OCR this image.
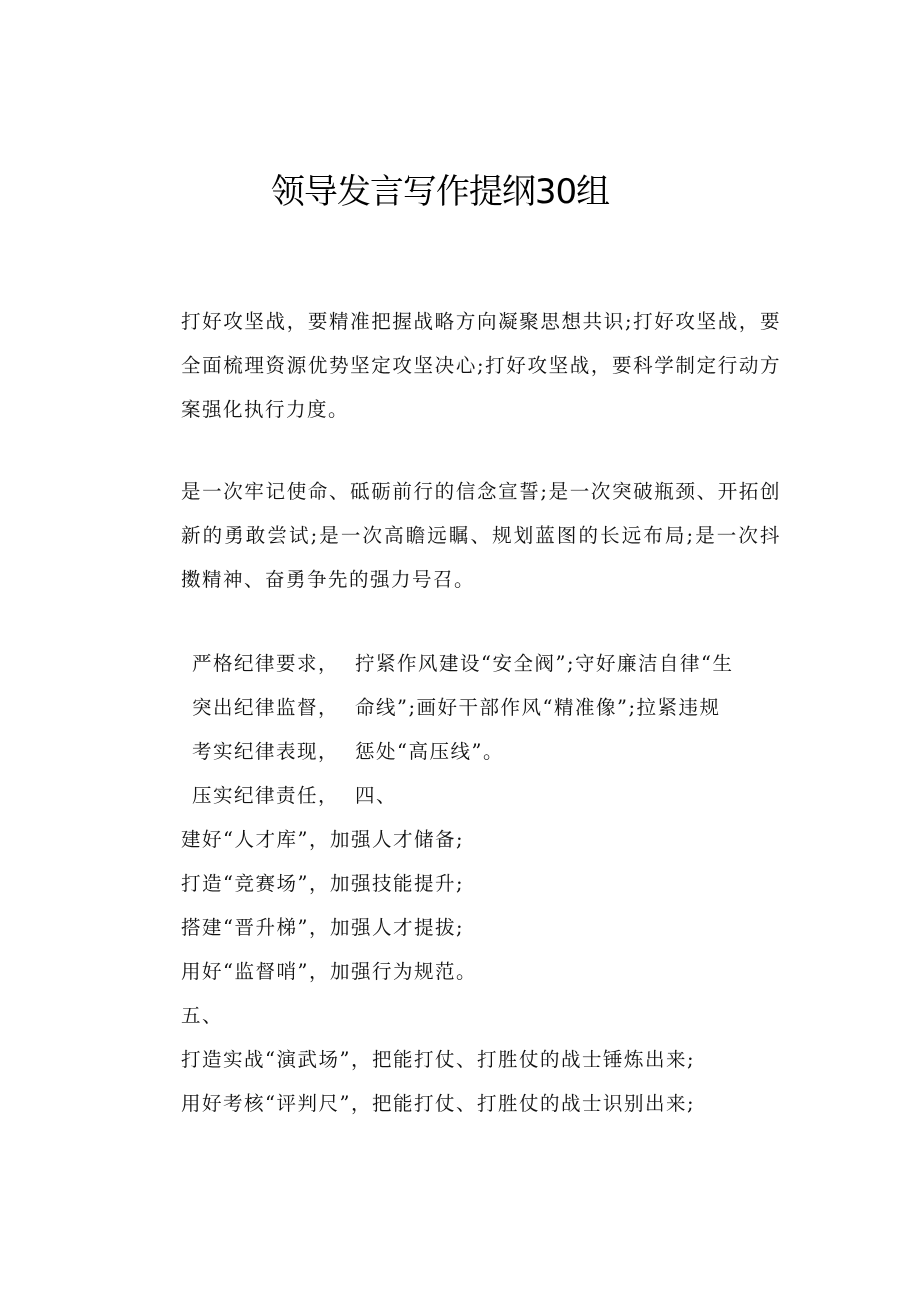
领导发言写作提纲30组

打好攻坚战，要精准把握战略方向凝聚思想共识;打好攻坚战，要全面梳理资源优势坚定攻坚决心;打好攻坚战，要科学制定行动方案强化执行力度。

是一次牢记使命、砥砺前行的信念宣誓;是一次突破瓶颈、开拓创新的勇敢尝试;是一次高瞻远瞩、规划蓝图的长远布局;是一次抖擞精神、奋勇争先的强力号召。

严格纪律要求，

突出纪律监督，

考实纪律表现，

压实纪律责任，

拧紧作风建设“安全阀”;守好廉洁自律“生

命线”;画好干部作风“精准像”;拉紧违规

惩处“高压线”。

四、

建好“人才库”，加强人才储备;

打造“竞赛场”，加强技能提升;

搭建“晋升梯”，加强人才提拔;

用好“监督哨”，加强行为规范。

五、

打造实战“演武场”，把能打仗、打胜仗的战士锤炼出来;

用好考核“评判尺”，把能打仗、打胜仗的战士识别出来;
